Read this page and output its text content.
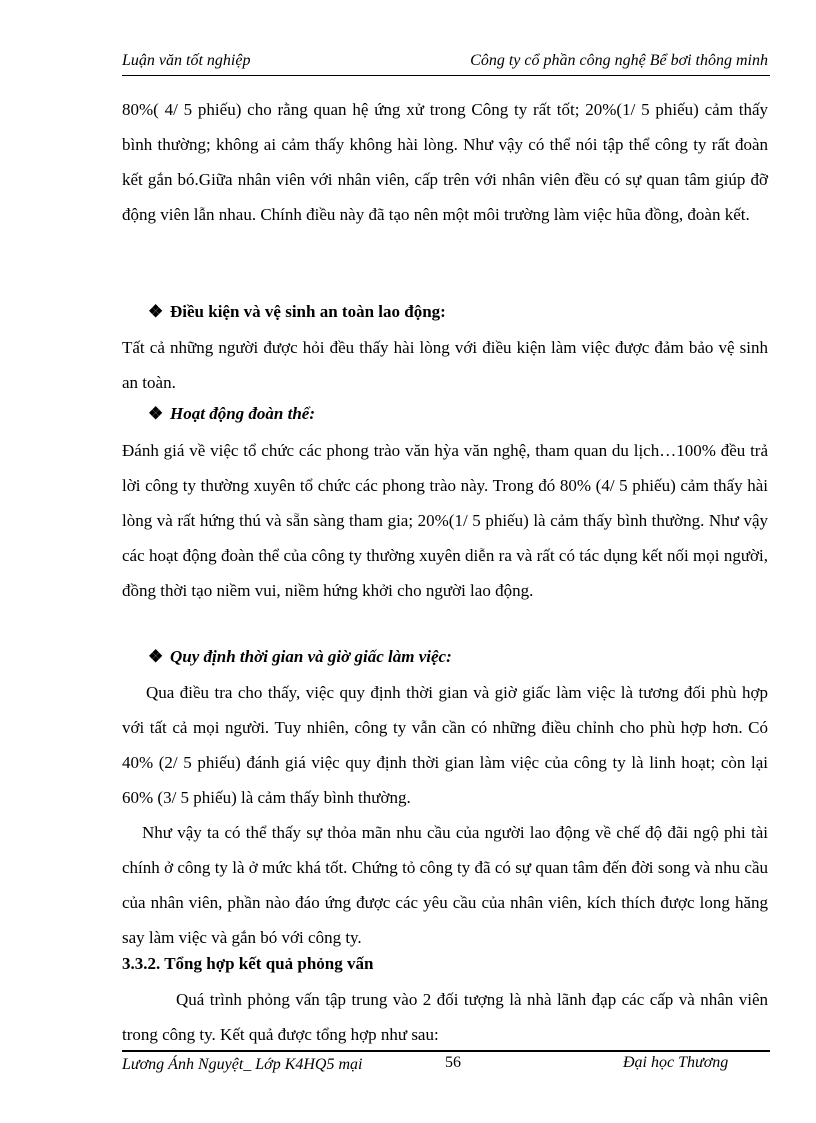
Luận văn tốt nghiệp	Công ty cổ phần công nghệ Bể bơi thông minh
80%( 4/ 5 phiếu) cho rằng quan hệ ứng xử trong Công ty rất tốt; 20%(1/ 5 phiếu) cảm thấy bình thường; không ai cảm thấy không hài lòng. Như vậy có thể nói tập thể công ty rất đoàn kết gắn bó.Giữa nhân viên với nhân viên, cấp trên với nhân viên đều có sự quan tâm giúp đỡ động viên lẫn nhau. Chính điều này đã tạo nên một môi trường làm việc hũa đồng, đoàn kết.
❖ Điều kiện và vệ sinh an toàn lao động:
Tất cả những người được hỏi đều thấy hài lòng với điều kiện làm việc được đảm bảo vệ sinh an toàn.
❖ Hoạt động đoàn thể:
Đánh giá về việc tổ chức các phong trào văn hỳa văn nghệ, tham quan du lịch…100% đều trả lời công ty thường xuyên tổ chức các phong trào này. Trong đó 80% (4/ 5 phiếu) cảm thấy hài lòng và rất hứng thú và sẵn sàng tham gia; 20%(1/ 5 phiếu) là cảm thấy bình thường. Như vậy các hoạt động đoàn thể của công ty thường xuyên diễn ra và rất có tác dụng kết nối mọi người, đồng thời tạo niềm vui, niềm hứng khởi cho người lao động.
❖ Quy định thời gian và giờ giấc làm việc:
Qua điều tra cho thấy, việc quy định thời gian và giờ giấc làm việc là tương đối phù hợp với tất cả mọi người. Tuy nhiên, công ty vẫn cần có những điều chỉnh cho phù hợp hơn. Có 40% (2/ 5 phiếu) đánh giá việc quy định thời gian làm việc của công ty là linh hoạt; còn lại 60% (3/ 5 phiếu) là cảm thấy bình thường.
Như vậy ta có thể thấy sự thỏa mãn nhu cầu của người lao động về chế độ đãi ngộ phi tài chính ở công ty là ở mức khá tốt. Chứng tỏ công ty đã có sự quan tâm đến đời song và nhu cầu của nhân viên, phần nào đáo ứng được các yêu cầu của nhân viên, kích thích được long hăng say làm việc và gắn bó với công ty.
3.3.2. Tổng hợp kết quả phỏng vấn
Quá trình phỏng vấn tập trung vào 2 đối tượng là nhà lãnh đạp các cấp và nhân viên trong công ty. Kết quả được tổng hợp như sau:
Lương Ánh Nguyệt_ Lớp K4HQ5 mại	56	Đại học Thương
